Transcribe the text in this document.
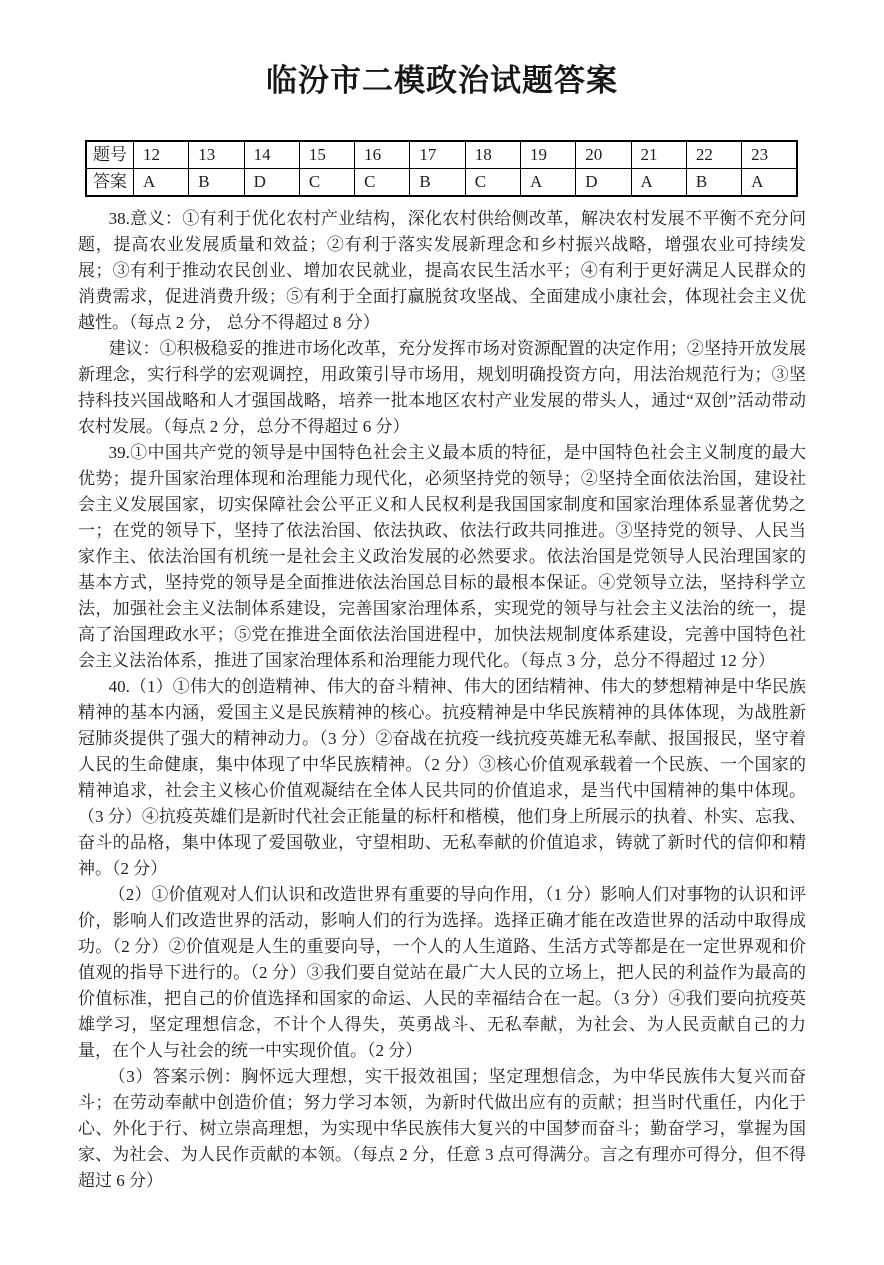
临汾市二模政治试题答案
题号	12	13	14	15	16	17	18	19	20	21	22	23
答案	A	B	D	C	C	B	C	A	D	A	B	A

38.意义：①有利于优化农村产业结构，深化农村供给侧改革，解决农村发展不平衡不充分问题，提高农业发展质量和效益；②有利于落实发展新理念和乡村振兴战略，增强农业可持续发展；③有利于推动农民创业、增加农民就业，提高农民生活水平；④有利于更好满足人民群众的消费需求，促进消费升级；⑤有利于全面打赢脱贫攻坚战、全面建成小康社会，体现社会主义优越性。（每点 2 分， 总分不得超过 8 分）

建议：①积极稳妥的推进市场化改革，充分发挥市场对资源配置的决定作用；②坚持开放发展新理念，实行科学的宏观调控，用政策引导市场用，规划明确投资方向，用法治规范行为；③坚持科技兴国战略和人才强国战略，培养一批本地区农村产业发展的带头人，通过“双创”活动带动农村发展。（每点 2 分，总分不得超过 6 分）

39.①中国共产党的领导是中国特色社会主义最本质的特征，是中国特色社会主义制度的最大优势；提升国家治理体现和治理能力现代化，必须坚持党的领导；②坚持全面依法治国，建设社会主义发展国家，切实保障社会公平正义和人民权利是我国国家制度和国家治理体系显著优势之一；在党的领导下，坚持了依法治国、依法执政、依法行政共同推进。③坚持党的领导、人民当家作主、依法治国有机统一是社会主义政治发展的必然要求。依法治国是党领导人民治理国家的基本方式，坚持党的领导是全面推进依法治国总目标的最根本保证。④党领导立法，坚持科学立法，加强社会主义法制体系建设，完善国家治理体系，实现党的领导与社会主义法治的统一，提高了治国理政水平；⑤党在推进全面依法治国进程中，加快法规制度体系建设，完善中国特色社会主义法治体系，推进了国家治理体系和治理能力现代化。（每点 3 分，总分不得超过 12 分）

40.（1）①伟大的创造精神、伟大的奋斗精神、伟大的团结精神、伟大的梦想精神是中华民族精神的基本内涵，爱国主义是民族精神的核心。抗疫精神是中华民族精神的具体体现，为战胜新冠肺炎提供了强大的精神动力。（3 分）②奋战在抗疫一线抗疫英雄无私奉献、报国报民，坚守着人民的生命健康，集中体现了中华民族精神。（2 分）③核心价值观承载着一个民族、一个国家的精神追求，社会主义核心价值观凝结在全体人民共同的价值追求，是当代中国精神的集中体现。（3 分）④抗疫英雄们是新时代社会正能量的标杆和楷模，他们身上所展示的执着、朴实、忘我、奋斗的品格，集中体现了爱国敬业，守望相助、无私奉献的价值追求，铸就了新时代的信仰和精神。（2 分）

（2）①价值观对人们认识和改造世界有重要的导向作用，（1 分）影响人们对事物的认识和评价，影响人们改造世界的活动，影响人们的行为选择。选择正确才能在改造世界的活动中取得成功。（2 分）②价值观是人生的重要向导，一个人的人生道路、生活方式等都是在一定世界观和价值观的指导下进行的。（2 分）③我们要自觉站在最广大人民的立场上，把人民的利益作为最高的价值标准，把自己的价值选择和国家的命运、人民的幸福结合在一起。（3 分）④我们要向抗疫英雄学习，坚定理想信念，不计个人得失，英勇战斗、无私奉献，为社会、为人民贡献自己的力量，在个人与社会的统一中实现价值。（2 分）

（3）答案示例：胸怀远大理想，实干报效祖国；坚定理想信念，为中华民族伟大复兴而奋斗；在劳动奉献中创造价值；努力学习本领，为新时代做出应有的贡献；担当时代重任，内化于心、外化于行、树立崇高理想，为实现中华民族伟大复兴的中国梦而奋斗；勤奋学习，掌握为国家、为社会、为人民作贡献的本领。（每点 2 分，任意 3 点可得满分。言之有理亦可得分，但不得超过 6 分）
